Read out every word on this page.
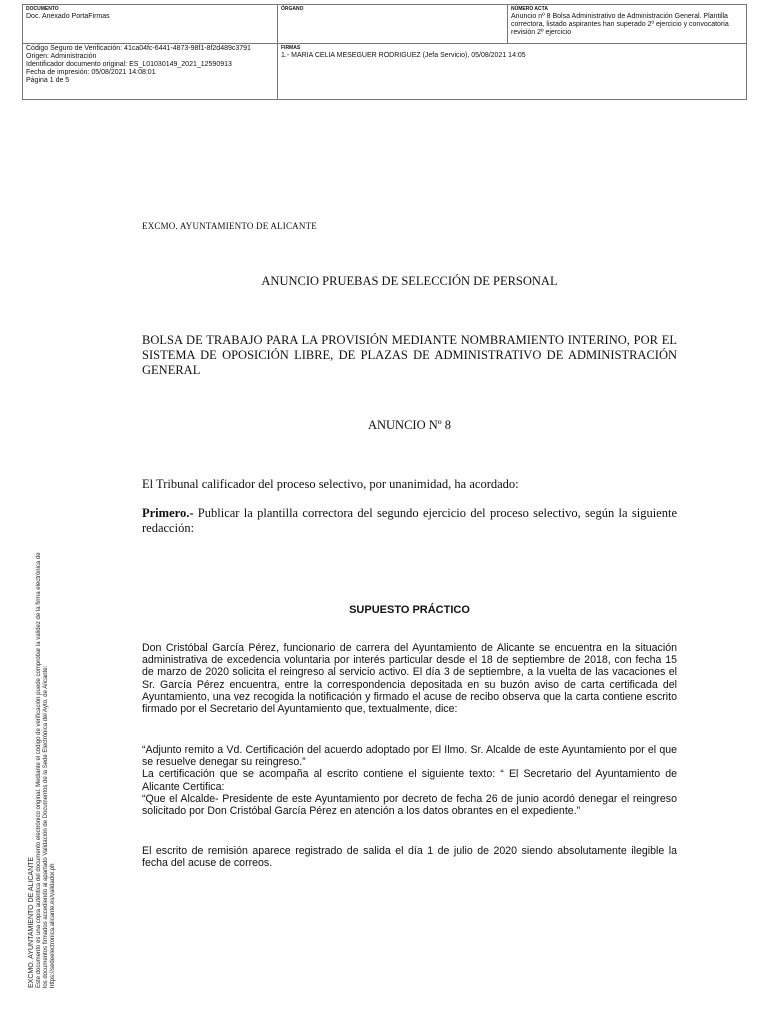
DOCUMENTO
Doc. Anexado PortaFirmas
ÓRGANO	NÚMERO ACTA
Anuncio nº 8 Bolsa Administrativo de Administración General. Plantilla correctora, listado aspirantes han superado 2º ejercicio y convocatoria revisión 2º ejercicio
Código Seguro de Verificación: 41ca04fc-6441-4873-98f1-8f2d489c3791
Origen: Administración
Identificador documento original: ES_L01030149_2021_12590913
Fecha de impresión: 05/08/2021 14:08:01
Página 1 de 5
FIRMAS
1.- MARIA CELIA MESEGUER RODRIGUEZ (Jefa Servicio), 05/08/2021 14:05
EXCMO. AYUNTAMIENTO DE ALICANTE Este documento es una copia auténtica del documento electrónico original. Mediante el código de verificación puede comprobar la validez de la firma electrónica de los documentos firmados accediendo al apartado Validación de Documentos de la Sede Electrónica del Ayto. de Alicante: https://sedeelectronica.alicante.es/validador.ph
EXCMO. AYUNTAMIENTO DE ALICANTE
ANUNCIO PRUEBAS DE SELECCIÓN DE PERSONAL
BOLSA DE TRABAJO PARA LA PROVISIÓN MEDIANTE NOMBRAMIENTO INTERINO, POR EL SISTEMA DE OPOSICIÓN LIBRE, DE PLAZAS DE ADMINISTRATIVO DE ADMINISTRACIÓN GENERAL
ANUNCIO Nº 8
El Tribunal calificador del proceso selectivo, por unanimidad, ha acordado:
Primero.- Publicar la plantilla correctora del segundo ejercicio del proceso selectivo, según la siguiente redacción:
SUPUESTO PRÁCTICO
Don Cristóbal García Pérez, funcionario de carrera del Ayuntamiento de Alicante se encuentra en la situación administrativa de excedencia voluntaria por interés particular desde el 18 de septiembre de 2018, con fecha 15 de marzo de 2020 solicita el reingreso al servicio activo. El día 3 de septiembre, a la vuelta de las vacaciones el Sr. García Pérez encuentra, entre la correspondencia depositada en su buzón aviso de carta certificada del Ayuntamiento, una vez recogida la notificación y firmado el acuse de recibo observa que la carta contiene escrito firmado por el Secretario del Ayuntamiento que, textualmente, dice:

“Adjunto remito a Vd. Certificación del acuerdo adoptado por El Ilmo. Sr. Alcalde de este Ayuntamiento por el que se resuelve denegar su reingreso.”

La certificación que se acompaña al escrito contiene el siguiente texto: “ El Secretario del Ayuntamiento de Alicante Certifica:

“Que el Alcalde- Presidente de este Ayuntamiento por decreto de fecha 26 de junio acordó denegar el reingreso solicitado por Don Cristóbal García Pérez en atención a los datos obrantes en el expediente.”

El escrito de remisión aparece registrado de salida el día 1 de julio de 2020 siendo absolutamente ilegible la fecha del acuse de correos.
